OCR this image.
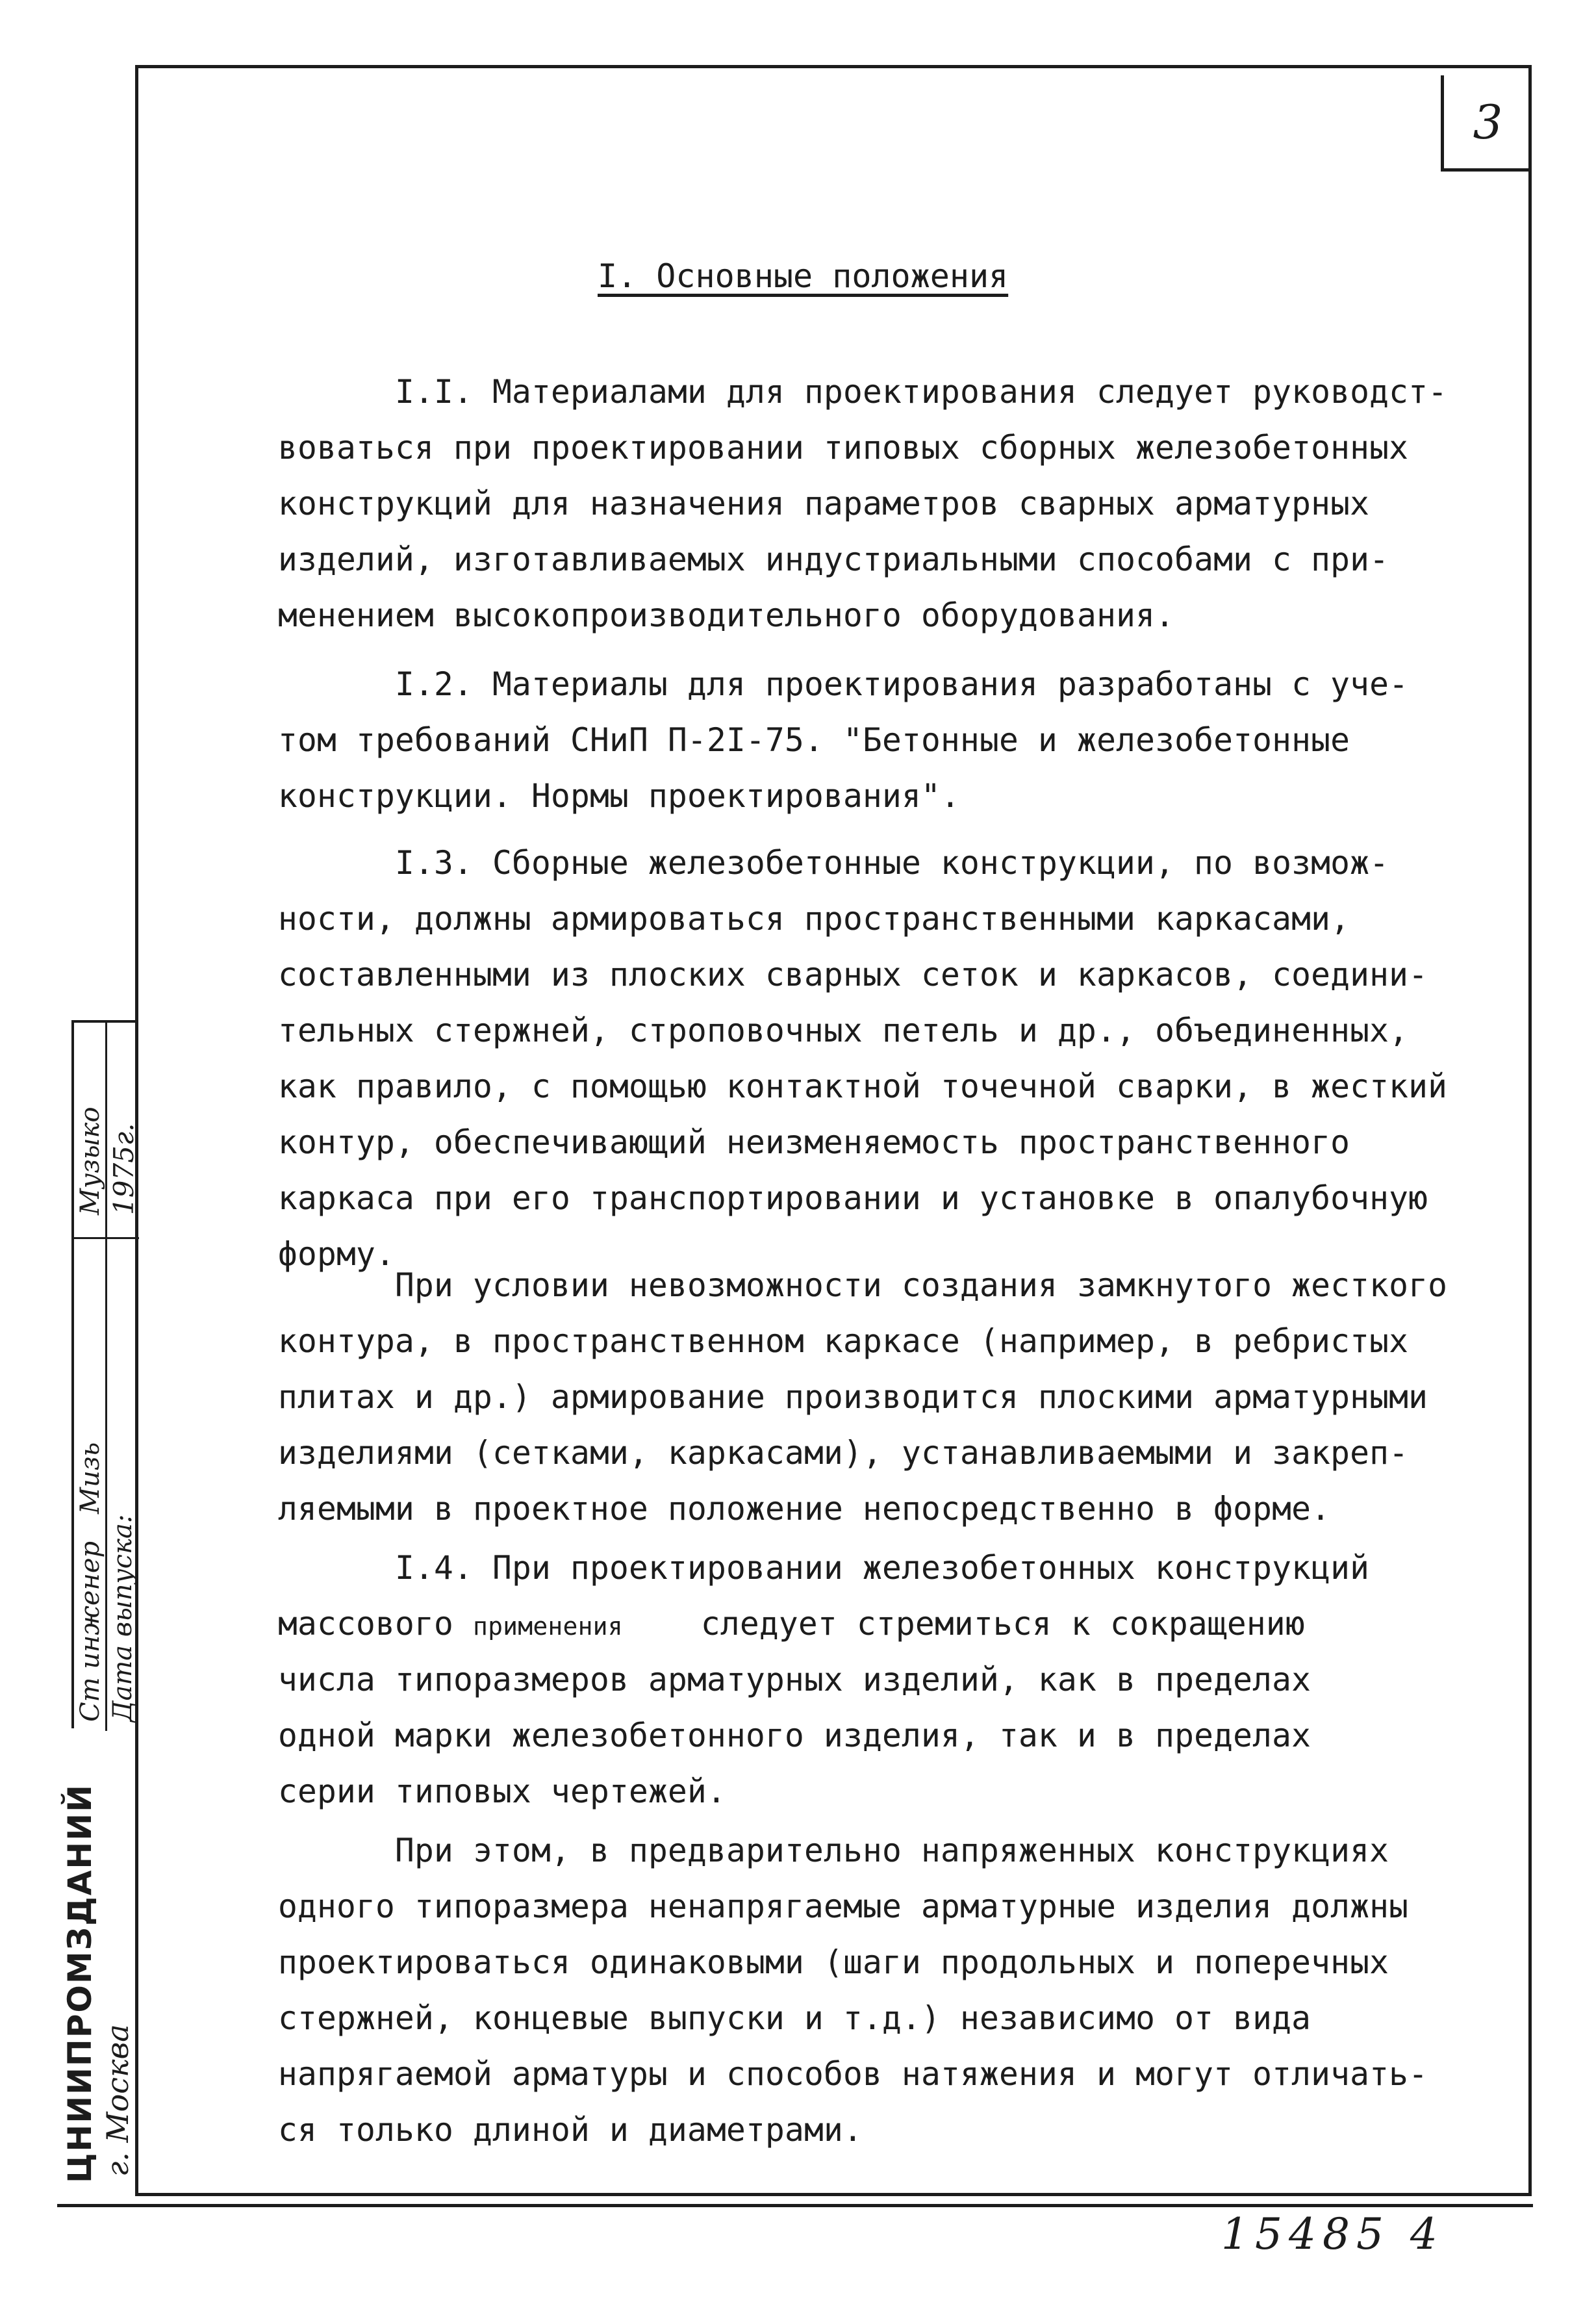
3
I. Основные положения
I.I. Материалами для проектирования следует руководст-
воваться при проектировании типовых сборных железобетонных
конструкций для назначения параметров сварных арматурных
изделий, изготавливаемых индустриальными способами с при-
менением высокопроизводительного оборудования.
I.2. Материалы для проектирования разработаны с уче-
том требований СНиП П-2I-75. "Бетонные и железобетонные
конструкции. Нормы проектирования".
I.3. Сборные железобетонные конструкции, по возмож-
ности, должны армироваться пространственными каркасами,
составленными из плоских сварных сеток и каркасов, соедини-
тельных стержней, строповочных петель и др., объединенных,
как правило, с помощью контактной точечной сварки, в жесткий
контур, обеспечивающий неизменяемость пространственного
каркаса при его транспортировании и установке в опалубочную
форму.
При условии невозможности создания замкнутого жесткого
контура, в пространственном каркасе (например, в ребристых
плитах и др.) армирование производится плоскими арматурными
изделиями (сетками, каркасами), устанавливаемыми и закреп-
ляемыми в проектное положение непосредственно в форме.
I.4. При проектировании железобетонных конструкций
массового применения следует стремиться к сокращению
числа типоразмеров арматурных изделий, как в пределах
одной марки железобетонного изделия, так и в пределах
серии типовых чертежей.
При этом, в предварительно напряженных конструкциях
одного типоразмера ненапрягаемые арматурные изделия должны
проектироваться одинаковыми (шаги продольных и поперечных
стержней, концевые выпуски и т.д.) независимо от вида
напрягаемой арматуры и способов натяжения и могут отличать-
ся только длиной и диаметрами.
Музыко 1975г.
Ст инженер
Мизь
Дата выпуска:
ЦНИИПРОМЗДАНИЙ г. Москва
15485 4
